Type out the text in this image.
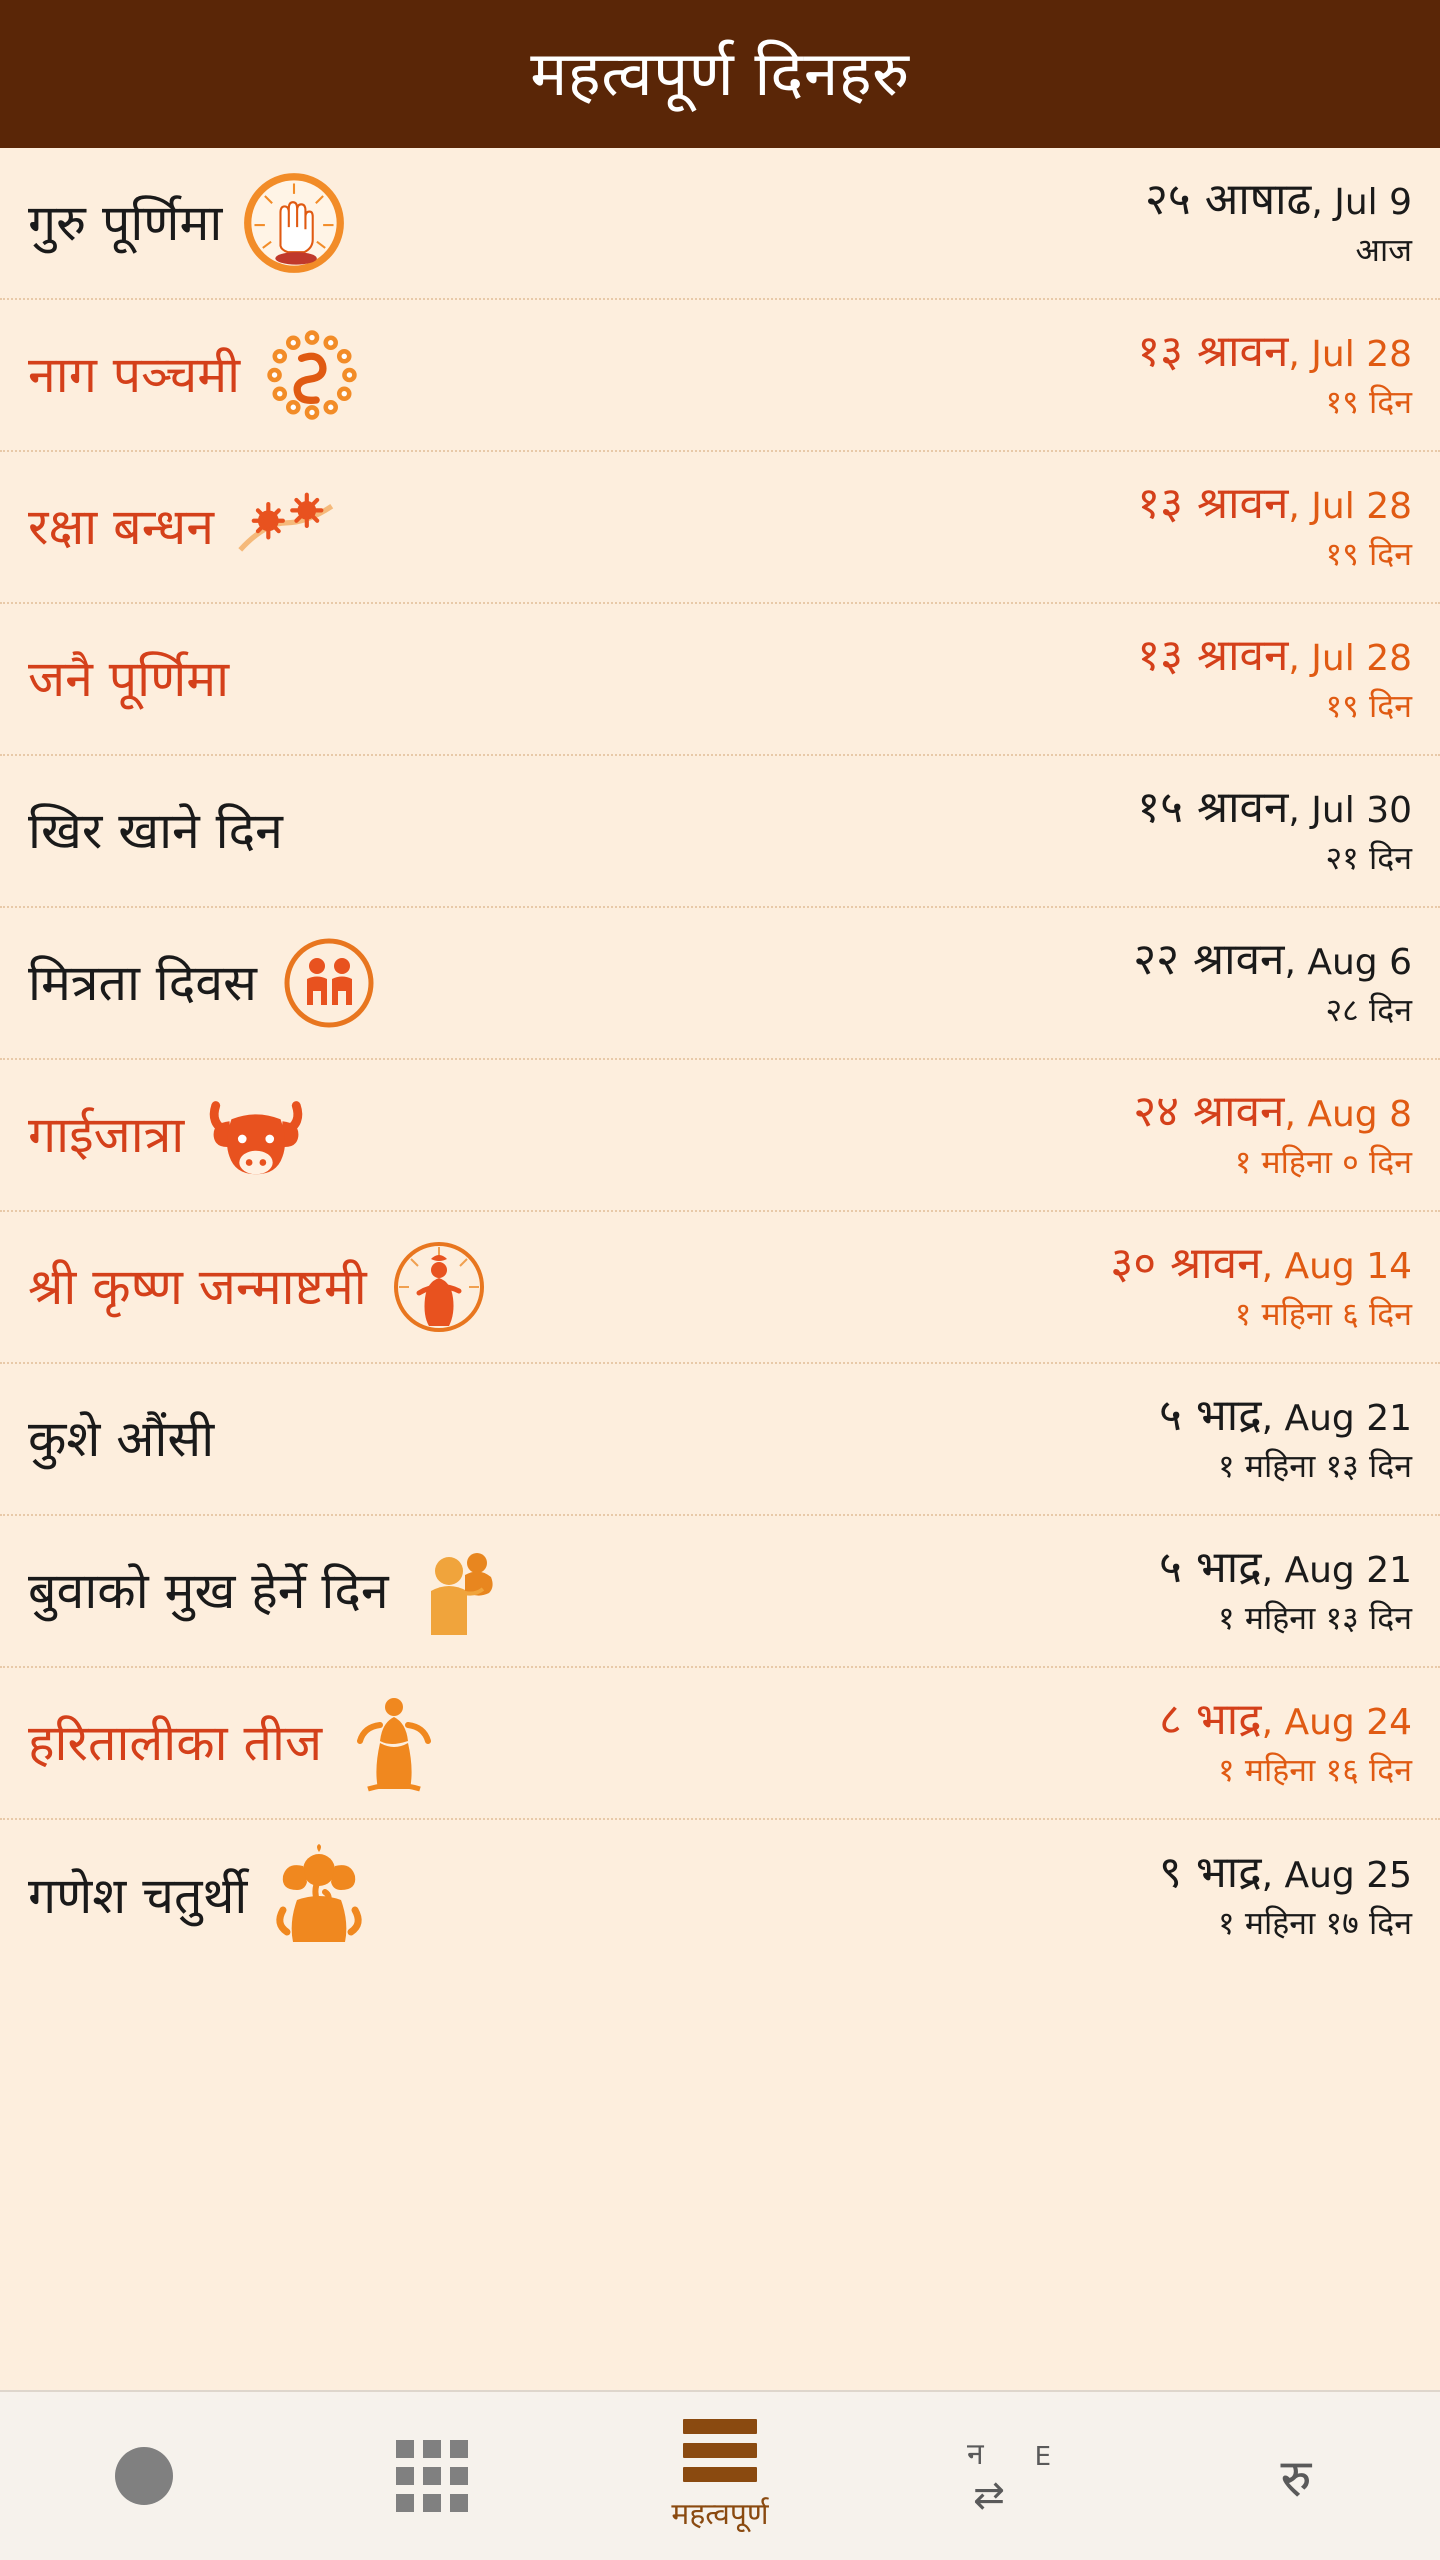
महत्वपूर्ण दिनहरु
गुरु पूर्णिमा	२५ आषाढ, Jul 9
आज
नाग पञ्चमी	१३ श्रावन, Jul 28
१९ दिन
रक्षा बन्धन	१३ श्रावन, Jul 28
१९ दिन
जनै पूर्णिमा	१३ श्रावन, Jul 28
१९ दिन
खिर खाने दिन	१५ श्रावन, Jul 30
२१ दिन
मित्रता दिवस	२२ श्रावन, Aug 6
२८ दिन
गाईजात्रा	२४ श्रावन, Aug 8
१ महिना ० दिन
श्री कृष्ण जन्माष्टमी	३० श्रावन, Aug 14
१ महिना ६ दिन
कुशे औंसी	५ भाद्र, Aug 21
१ महिना १३ दिन
बुवाको मुख हेर्ने दिन	५ भाद्र, Aug 21
१ महिना १३ दिन
हरितालीका तीज	८ भाद्र, Aug 24
१ महिना १६ दिन
गणेश चतुर्थी	९ भाद्र, Aug 25
१ महिना १७ दिन
महत्वपूर्ण
न E
⇄	रु
